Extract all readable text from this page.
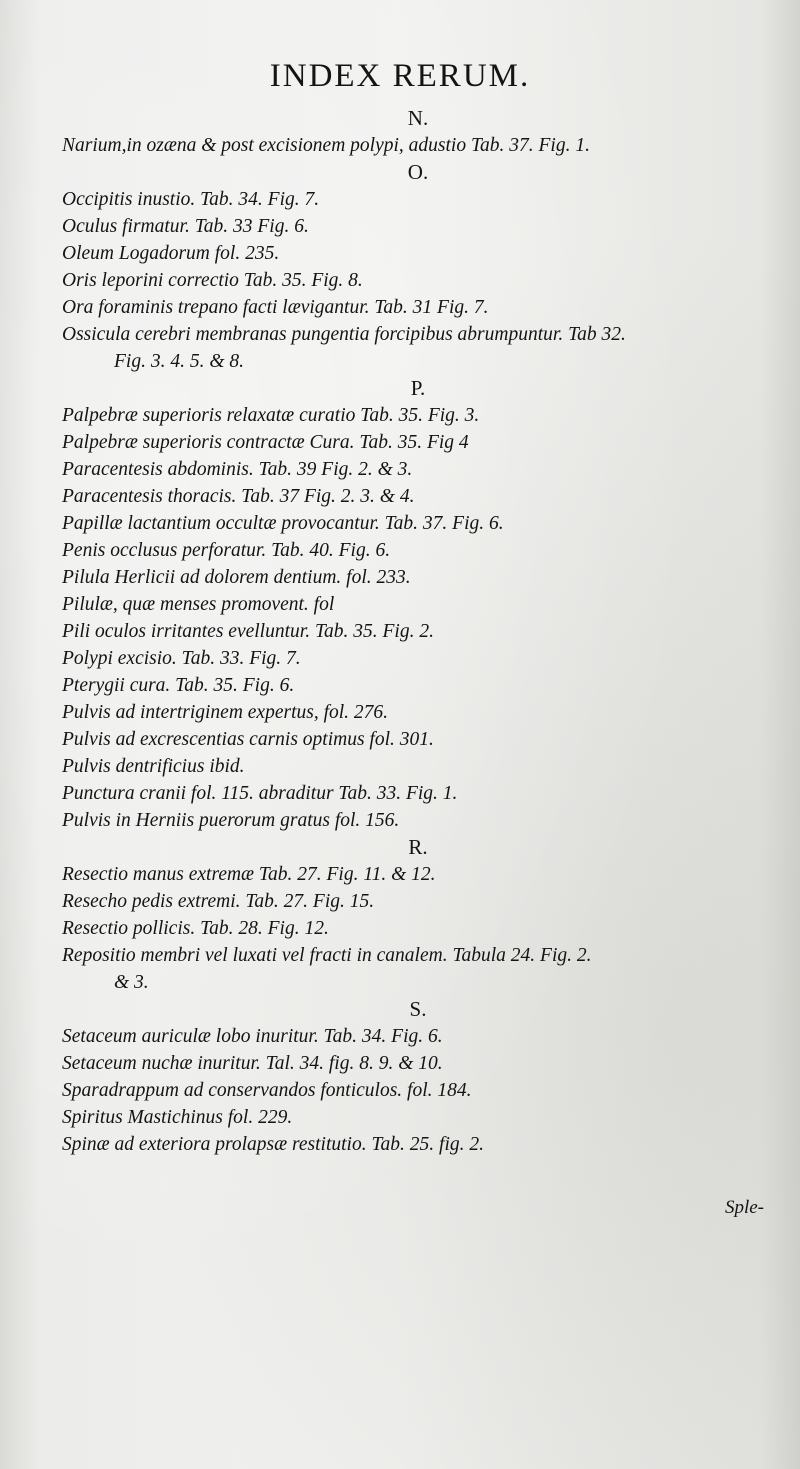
INDEX RERUM.
N.
Narium,in ozæna & post excisionem polypi, adustio Tab. 37. Fig. 1.
O.
Occipitis inustio. Tab. 34. Fig. 7.
Oculus firmatur. Tab. 33 Fig. 6.
Oleum Logadorum fol. 235.
Oris leporini correctio Tab. 35. Fig. 8.
Ora foraminis trepano facti lævigantur. Tab. 31 Fig. 7.
Ossicula cerebri membranas pungentia forcipibus abrumpuntur. Tab 32.
Fig. 3. 4. 5. & 8.
P.
Palpebræ superioris relaxatæ curatio Tab. 35. Fig. 3.
Palpebræ superioris contractæ Cura. Tab. 35. Fig 4
Paracentesis abdominis. Tab. 39 Fig. 2. & 3.
Paracentesis thoracis. Tab. 37 Fig. 2. 3. & 4.
Papillæ lactantium occultæ provocantur. Tab. 37. Fig. 6.
Penis occlusus perforatur. Tab. 40. Fig. 6.
Pilula Herlicii ad dolorem dentium. fol. 233.
Pilulæ, quæ menses promovent. fol
Pili oculos irritantes evelluntur. Tab. 35. Fig. 2.
Polypi excisio. Tab. 33. Fig. 7.
Pterygii cura. Tab. 35. Fig. 6.
Pulvis ad intertriginem expertus, fol. 276.
Pulvis ad excrescentias carnis optimus fol. 301.
Pulvis dentrificius ibid.
Punctura cranii fol. 115. abraditur Tab. 33. Fig. 1.
Pulvis in Herniis puerorum gratus fol. 156.
R.
Resectio manus extremæ Tab. 27. Fig. 11. & 12.
Resecho pedis extremi. Tab. 27. Fig. 15.
Resectio pollicis. Tab. 28. Fig. 12.
Repositio membri vel luxati vel fracti in canalem. Tabula 24. Fig. 2.
& 3.
S.
Setaceum auriculæ lobo inuritur. Tab. 34. Fig. 6.
Setaceum nuchæ inuritur. Tal. 34. fig. 8. 9. & 10.
Sparadrappum ad conservandos fonticulos. fol. 184.
Spiritus Mastichinus fol. 229.
Spinæ ad exteriora prolapsæ restitutio. Tab. 25. fig. 2.
Sple-
